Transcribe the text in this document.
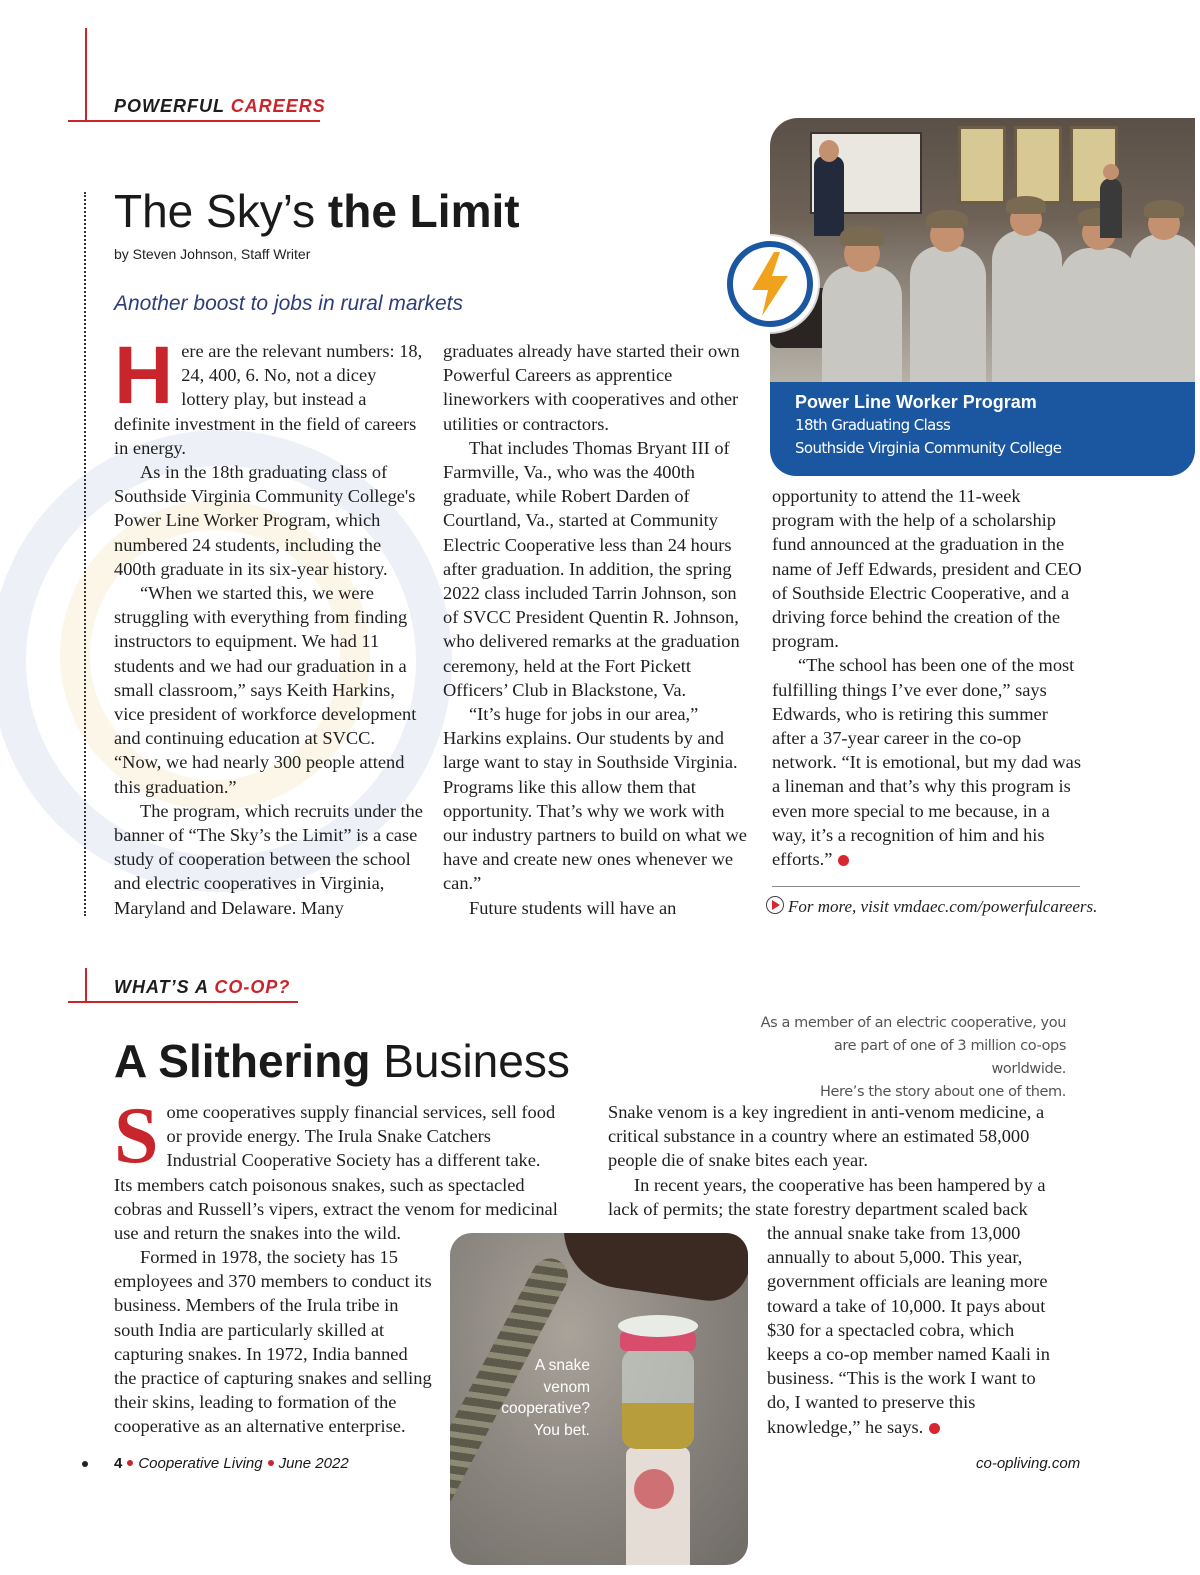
POWERFUL CAREERS
The Sky’s the Limit
by Steven Johnson, Staff Writer
Another boost to jobs in rural markets

Here are the relevant numbers: 18, 24, 400, 6. No, not a dicey lottery play, but instead a definite investment in the field of careers in energy.

As in the 18th graduating class of Southside Virginia Community College's Power Line Worker Program, which numbered 24 students, including the 400th graduate in its six-year history.

“When we started this, we were struggling with everything from finding instructors to equipment. We had 11 students and we had our graduation in a small classroom,” says Keith Harkins, vice president of workforce development and continuing education at SVCC. “Now, we had nearly 300 people attend this graduation.”

The program, which recruits under the banner of “The Sky’s the Limit” is a case study of cooperation between the school and electric cooperatives in Virginia, Maryland and Delaware. Many

graduates already have started their own Powerful Careers as apprentice lineworkers with cooperatives and other utilities or contractors.

That includes Thomas Bryant III of Farmville, Va., who was the 400th graduate, while Robert Darden of Courtland, Va., started at Community Electric Cooperative less than 24 hours after graduation. In addition, the spring 2022 class included Tarrin Johnson, son of SVCC President Quentin R. Johnson, who delivered remarks at the graduation ceremony, held at the Fort Pickett Officers’ Club in Blackstone, Va.

“It’s huge for jobs in our area,” Harkins explains. Our students by and large want to stay in Southside Virginia. Programs like this allow them that opportunity. That’s why we work with our industry partners to build on what we have and create new ones whenever we can.”

Future students will have an

Power Line Worker Program
18th Graduating Class
Southside Virginia Community College

opportunity to attend the 11-week program with the help of a scholarship fund announced at the graduation in the name of Jeff Edwards, president and CEO of Southside Electric Cooperative, and a driving force behind the creation of the program.

“The school has been one of the most fulfilling things I’ve ever done,” says Edwards, who is retiring this summer after a 37-year career in the co-op network. “It is emotional, but my dad was a lineman and that’s why this program is even more special to me because, in a way, it’s a recognition of him and his efforts.”

For more, visit vmdaec.com/powerfulcareers.
WHAT’S A CO-OP?
As a member of an electric cooperative, you
are part of one of 3 million co-ops worldwide.
Here’s the story about one of them.
A Slithering Business

Some cooperatives supply financial services, sell food or provide energy. The Irula Snake Catchers Industrial Cooperative Society has a different take. Its members catch poisonous snakes, such as spectacled cobras and Russell’s vipers, extract the venom for medicinal use and return the snakes into the wild.

Formed in 1978, the society has 15 employees and 370 members to conduct its business. Members of the Irula tribe in south India are particularly skilled at capturing snakes. In 1972, India banned the practice of capturing snakes and selling their skins, leading to formation of the cooperative as an alternative enterprise.

Snake venom is a key ingredient in anti-venom medicine, a critical substance in a country where an estimated 58,000 people die of snake bites each year.

In recent years, the cooperative has been hampered by a lack of permits; the state forestry department scaled back

the annual snake take from 13,000 annually to about 5,000. This year, government officials are leaning more toward a take of 10,000. It pays about $30 for a spectacled cobra, which keeps a co-op member named Kaali in business. “This is the work I want to do, I wanted to preserve this knowledge,” he says.

A snake
venom
cooperative?
You bet.
4 Cooperative Living June 2022	co-opliving.com
